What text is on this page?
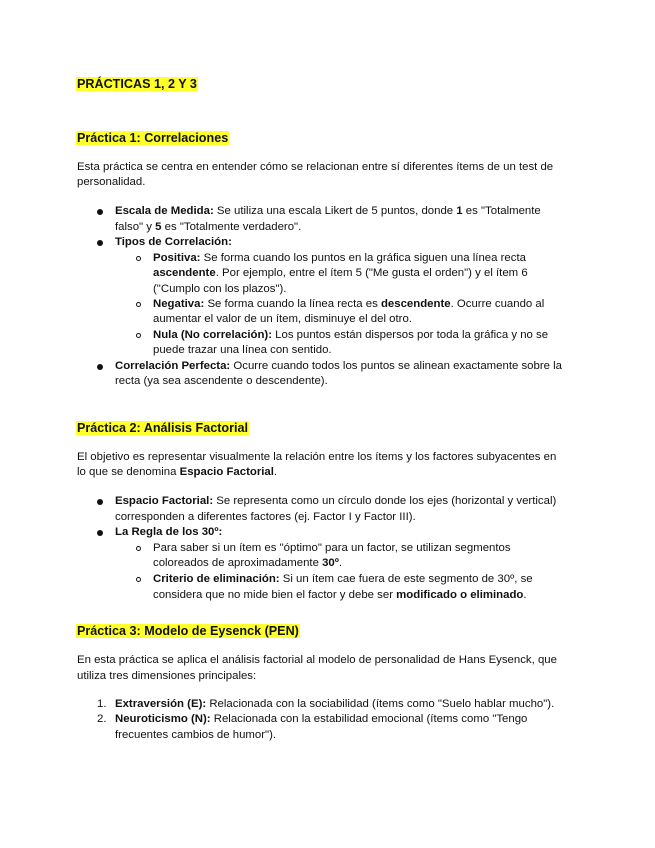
PRÁCTICAS 1, 2 Y 3
Práctica 1: Correlaciones
Esta práctica se centra en entender cómo se relacionan entre sí diferentes ítems de un test de
personalidad.
Escala de Medida: Se utiliza una escala Likert de 5 puntos, donde 1 es "Totalmente
falso" y 5 es "Totalmente verdadero".
Tipos de Correlación:
Positiva: Se forma cuando los puntos en la gráfica siguen una línea recta
ascendente. Por ejemplo, entre el ítem 5 ("Me gusta el orden") y el ítem 6
("Cumplo con los plazos").
Negativa: Se forma cuando la línea recta es descendente. Ocurre cuando al
aumentar el valor de un ítem, disminuye el del otro.
Nula (No correlación): Los puntos están dispersos por toda la gráfica y no se
puede trazar una línea con sentido.
Correlación Perfecta: Ocurre cuando todos los puntos se alinean exactamente sobre la
recta (ya sea ascendente o descendente).
Práctica 2: Análisis Factorial
El objetivo es representar visualmente la relación entre los ítems y los factores subyacentes en
lo que se denomina Espacio Factorial.
Espacio Factorial: Se representa como un círculo donde los ejes (horizontal y vertical)
corresponden a diferentes factores (ej. Factor I y Factor III).
La Regla de los 30º:
Para saber si un ítem es "óptimo" para un factor, se utilizan segmentos
coloreados de aproximadamente 30º.
Criterio de eliminación: Si un ítem cae fuera de este segmento de 30º, se
considera que no mide bien el factor y debe ser modificado o eliminado.
Práctica 3: Modelo de Eysenck (PEN)
En esta práctica se aplica el análisis factorial al modelo de personalidad de Hans Eysenck, que
utiliza tres dimensiones principales:
1. Extraversión (E): Relacionada con la sociabilidad (ítems como "Suelo hablar mucho").
2. Neuroticismo (N): Relacionada con la estabilidad emocional (ítems como "Tengo
frecuentes cambios de humor").
